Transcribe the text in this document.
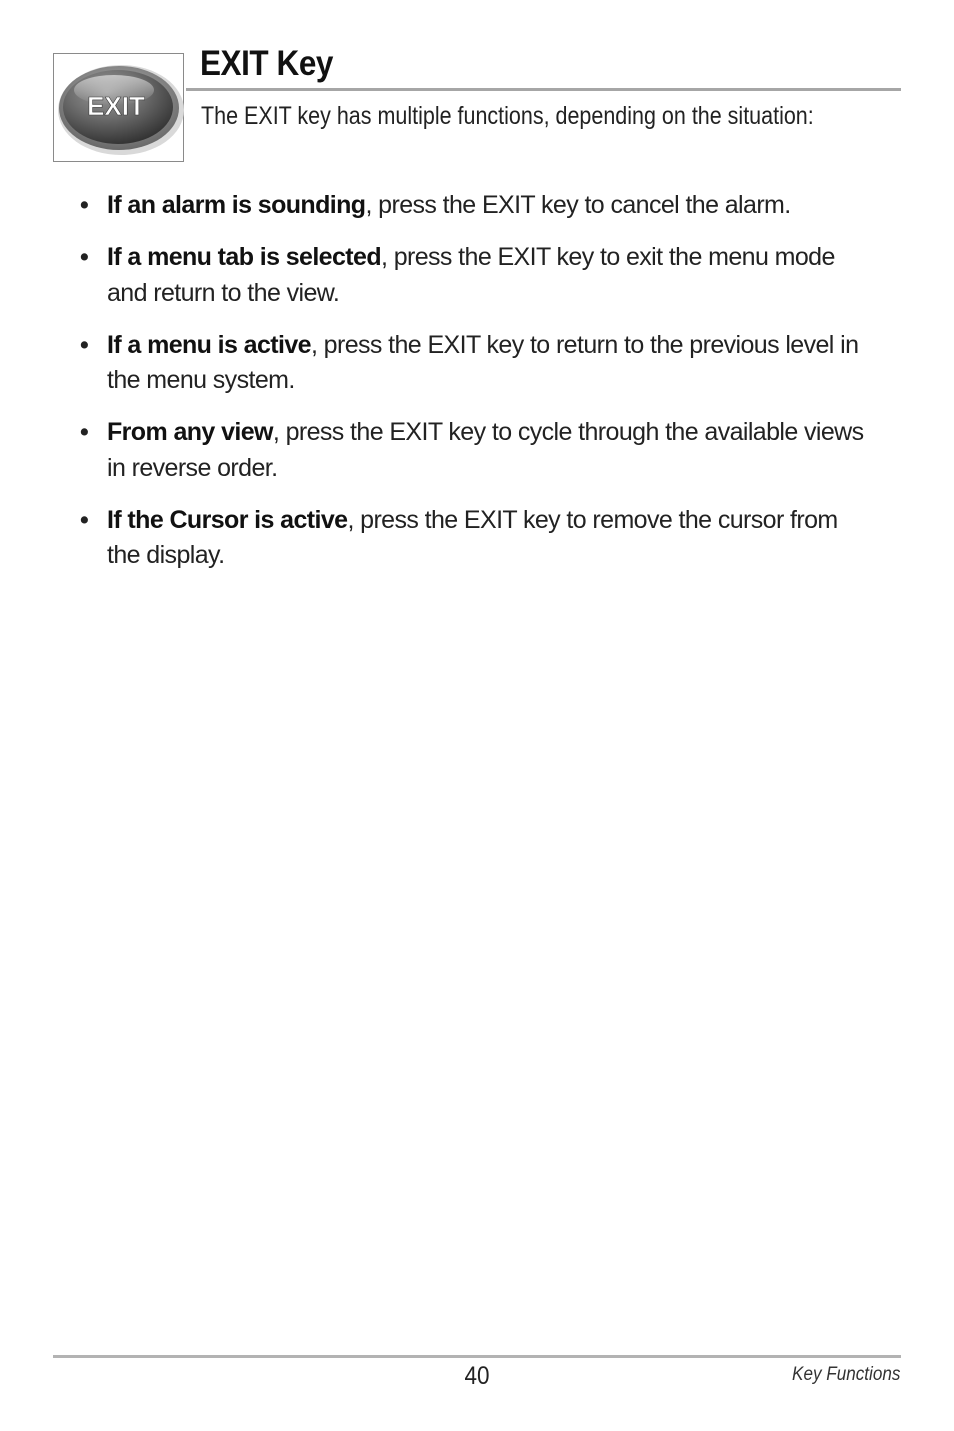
EXIT
EXIT Key

The EXIT key has multiple functions, depending on the situation:

• If an alarm is sounding, press the EXIT key to cancel the alarm.
• If a menu tab is selected, press the EXIT key to exit the menu mode and return to the view.
• If a menu is active, press the EXIT key to return to the previous level in the menu system.
• From any view, press the EXIT key to cycle through the available views in reverse order.
• If the Cursor is active, press the EXIT key to remove the cursor from the display.
40	Key Functions
